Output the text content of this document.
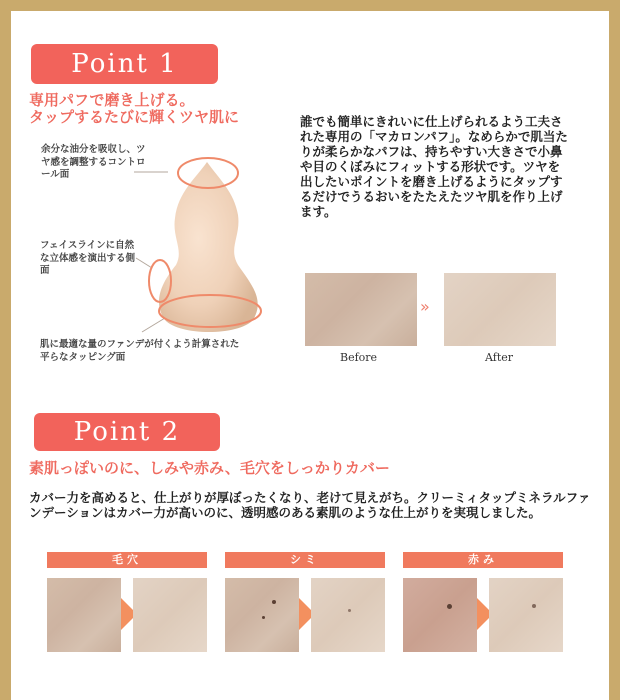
Point 1
専用パフで磨き上げる。
タップするたびに輝くツヤ肌に
余分な油分を吸収し、ツヤ感を調整するコントロール面
フェイスラインに自然な立体感を演出する側面
肌に最適な量のファンデが付くよう計算された平らなタッピング面
誰でも簡単にきれいに仕上げられるよう工夫された専用の「マカロンパフ」。なめらかで肌当たりが柔らかなパフは、持ちやすい大きさで小鼻や目のくぼみにフィットする形状です。ツヤを出したいポイントを磨き上げるようにタップするだけでうるおいをたたえたツヤ肌を作り上げます。
»
Before	After
Point 2
素肌っぽいのに、しみや赤み、毛穴をしっかりカバー
カバー力を高めると、仕上がりが厚ぼったくなり、老けて見えがち。クリーミィタップミネラルファンデーションはカバー力が高いのに、透明感のある素肌のような仕上がりを実現しました。
毛穴	シミ	赤み
